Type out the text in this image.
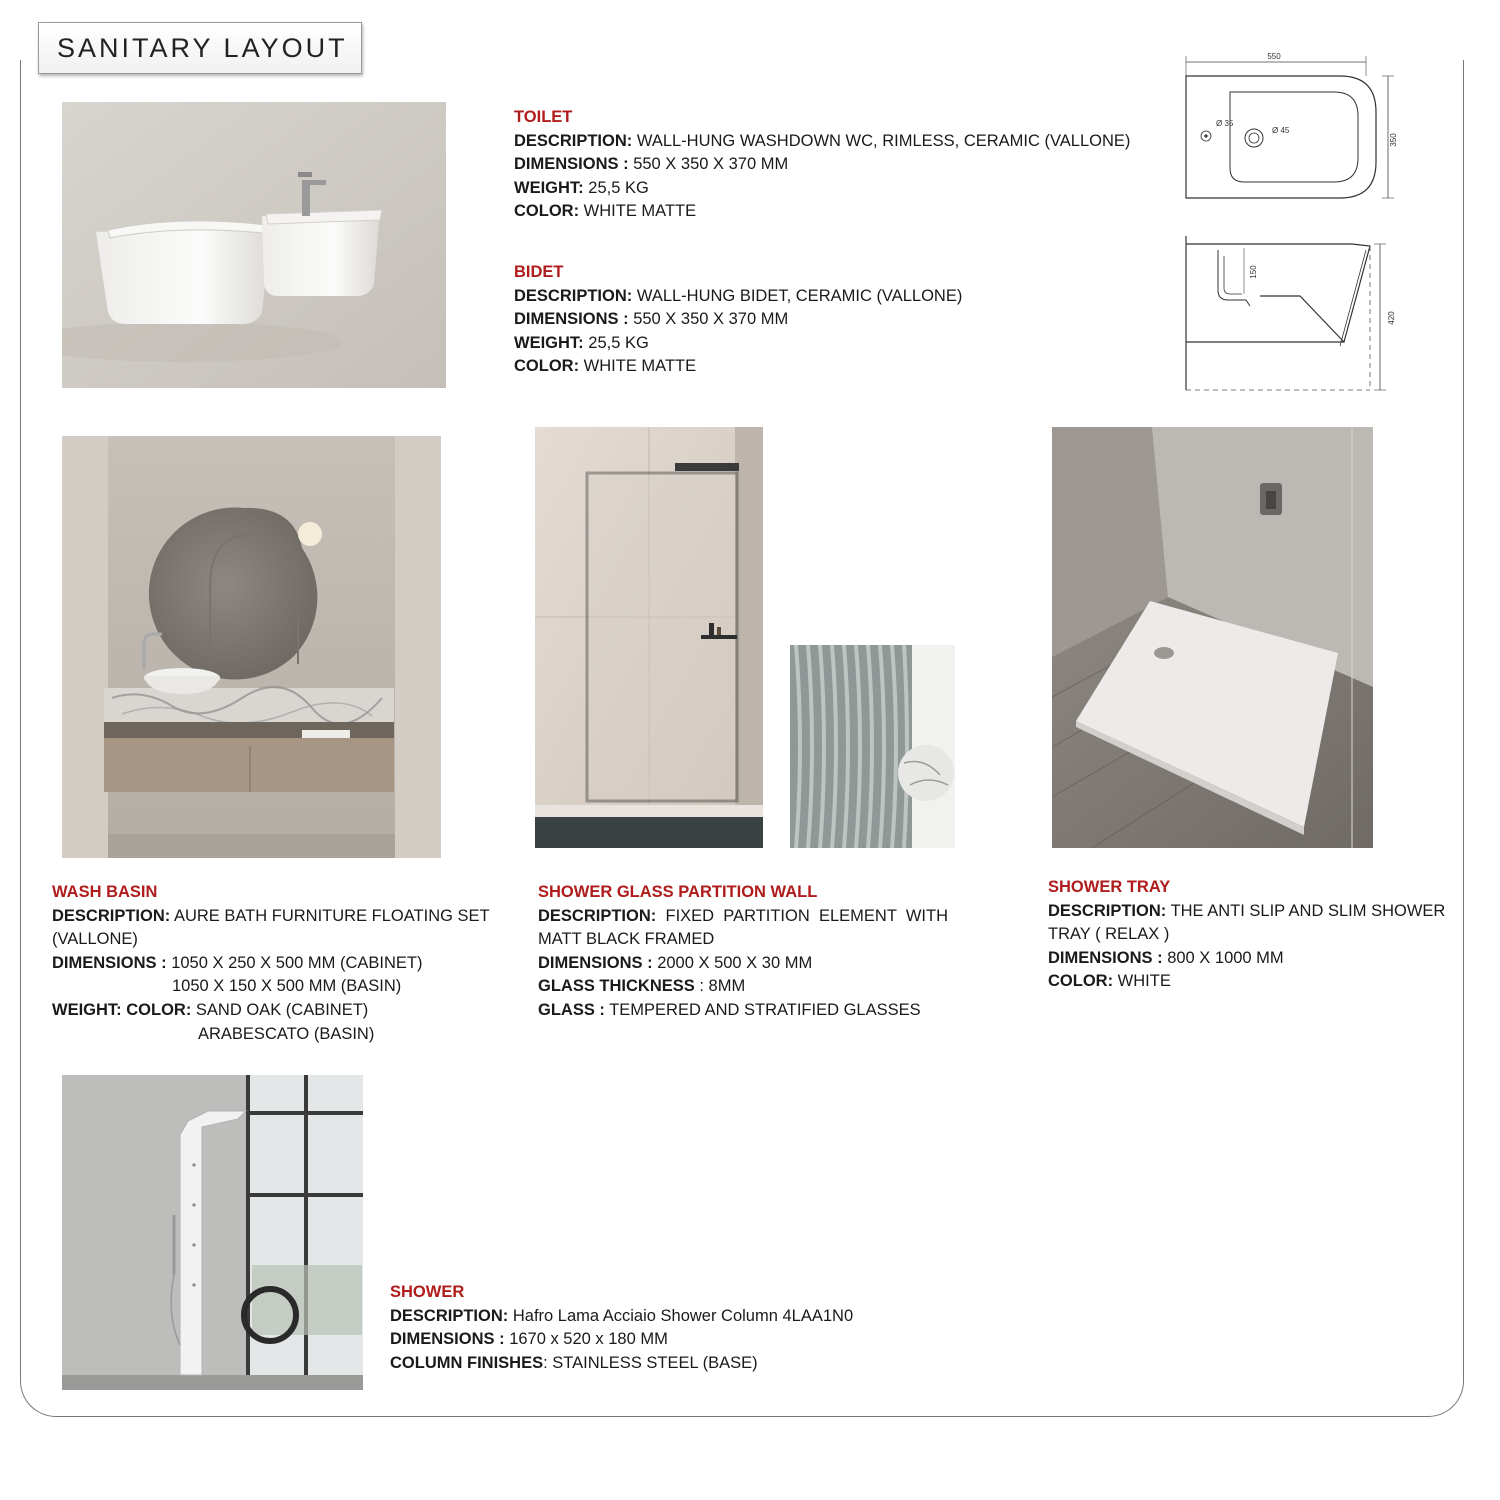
SANITARY LAYOUT
TOILET
DESCRIPTION: WALL-HUNG WASHDOWN WC, RIMLESS, CERAMIC (VALLONE)
DIMENSIONS : 550 X 350 X 370 MM
WEIGHT: 25,5 KG
COLOR: WHITE MATTE
BIDET
DESCRIPTION: WALL-HUNG BIDET, CERAMIC (VALLONE)
DIMENSIONS : 550 X 350 X 370 MM
WEIGHT: 25,5 KG
COLOR: WHITE MATTE
550
Ø 35
Ø 45
350
150
420
WASH BASIN
DESCRIPTION: AURE BATH FURNITURE FLOATING SET (VALLONE)
DIMENSIONS : 1050 X 250 X 500 MM (CABINET)
1050 X 150 X 500 MM (BASIN)
WEIGHT: COLOR: SAND OAK (CABINET)
ARABESCATO (BASIN)
SHOWER GLASS PARTITION WALL
DESCRIPTION: FIXED PARTITION ELEMENT WITH MATT BLACK FRAMED
DIMENSIONS : 2000 X 500 X 30 MM
GLASS THICKNESS : 8MM
GLASS : TEMPERED AND STRATIFIED GLASSES
SHOWER TRAY
DESCRIPTION: THE ANTI SLIP AND SLIM SHOWER TRAY ( RELAX )
DIMENSIONS : 800 X 1000 MM
COLOR: WHITE
SHOWER
DESCRIPTION: Hafro Lama Acciaio Shower Column 4LAA1N0
DIMENSIONS : 1670 x 520 x 180 MM
COLUMN FINISHES: STAINLESS STEEL (BASE)
